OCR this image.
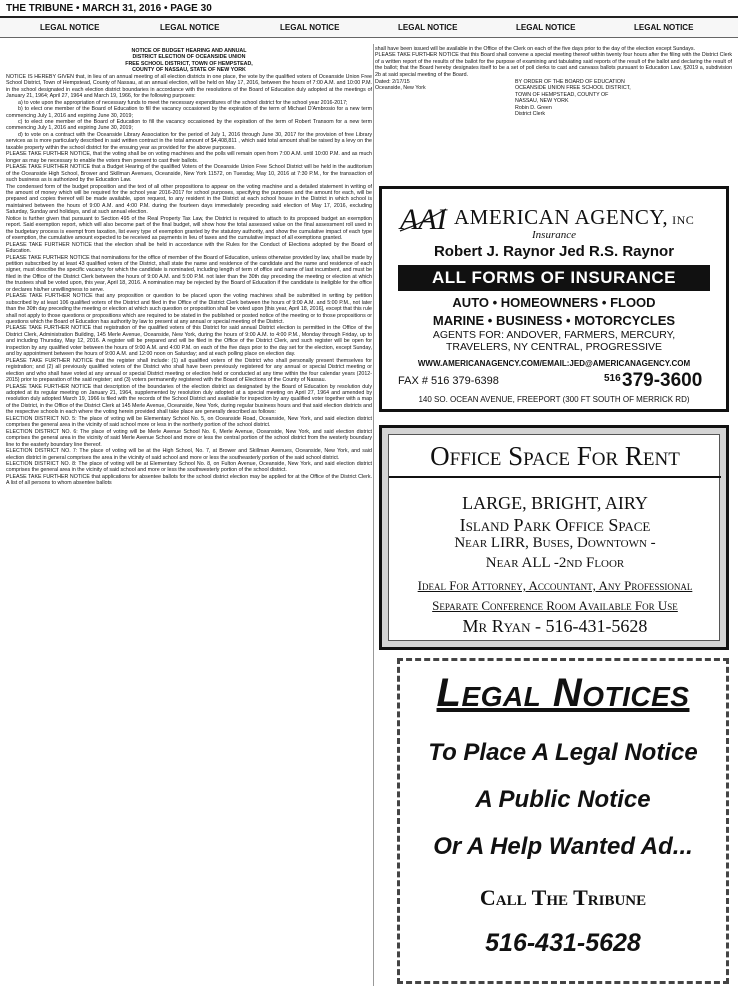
THE TRIBUNE • MARCH 31, 2016 • PAGE 30
LEGAL NOTICE	LEGAL NOTICE	LEGAL NOTICE	LEGAL NOTICE	LEGAL NOTICE	LEGAL NOTICE

NOTICE OF BUDGET HEARING AND ANNUAL

DISTRICT ELECTION OF OCEANSIDE UNION

FREE SCHOOL DISTRICT, TOWN OF HEMPSTEAD,

COUNTY OF NASSAU, STATE OF NEW YORK

NOTICE IS HEREBY GIVEN that, in lieu of an annual meeting of all election districts in one place, the vote by the qualified voters of Oceanside Union Free School District, Town of Hempstead, County of Nassau, at an annual election, will be held on May 17, 2016, between the hours of 7:00 A.M. and 10:00 P.M. in the school designated in each election district boundaries in accordance with the resolutions of the Board of Education duly adopted at the meetings of January 21, 1964; April 27, 1964 and March 19, 1966, for the following purposes:

a) to vote upon the appropriation of necessary funds to meet the necessary expenditures of the school district for the school year 2016-2017;

b) to elect one member of the Board of Education to fill the vacancy occasioned by the expiration of the term of Michael D'Ambrosio for a new term commencing July 1, 2016 and expiring June 30, 2019;

c) to elect one member of the Board of Education to fill the vacancy occasioned by the expiration of the term of Robert Transom for a new term commencing July 1, 2016 and expiring June 30, 2019;

d) to vote on a contract with the Oceanside Library Association for the period of July 1, 2016 through June 30, 2017 for the provision of free Library services as is more particularly described in said written contract in the total amount of $4,408,811 , which said total amount shall be raised by a levy on the taxable property within the school district for the ensuing year as provided for the above purposes.

PLEASE TAKE FURTHER NOTICE, that the voting shall be on voting machines and the polls will remain open from 7:00 A.M. until 10:00 P.M. and as much longer as may be necessary to enable the voters then present to cast their ballots.

PLEASE TAKE FURTHER NOTICE that a Budget Hearing of the qualified Voters of the Oceanside Union Free School District will be held in the auditorium of the Oceanside High School, Brower and Skillman Avenues, Oceanside, New York 11572, on Tuesday, May 10, 2016 at 7:30 P.M., for the transaction of such business as is authorized by the Education Law.

The condensed form of the budget proposition and the text of all other propositions to appear on the voting machine and a detailed statement in writing of the amount of money which will be required for the school year 2016-2017 for school purposes, specifying the purposes and the amount for each, will be prepared and copies thereof will be made available, upon request, to any resident in the District at each school house in the District in which school is maintained between the hours of 9:00 A.M. and 4:00 P.M. during the fourteen days immediately preceding said election of May 17, 2016, excluding Saturday, Sunday and holidays, and at such annual election.

Notice is further given that pursuant to Section 495 of the Real Property Tax Law, the District is required to attach to its proposed budget an exemption report. Said exemption report, which will also become part of the final budget, will show how the total assessed value on the final assessment roll used in the budgetary process is exempt from taxation, list every type of exemption granted by the statutory authority, and show the cumulative impact of each type of exemption, the cumulative amount expected to be received as payments in lieu of taxes and the cumulative impact of all exemptions granted.

PLEASE TAKE FURTHER NOTICE that the election shall be held in accordance with the Rules for the Conduct of Elections adopted by the Board of Education.

PLEASE TAKE FURTHER NOTICE that nominations for the office of member of the Board of Education, unless otherwise provided by law, shall be made by petition subscribed by at least 43 qualified voters of the District, shall state the name and residence of the candidate and the name and residence of each signer, must describe the specific vacancy for which the candidate is nominated, including length of term of office and name of last incumbent, and must be filed in the Office of the District Clerk between the hours of 9:00 A.M. and 5:00 P.M. not later than the 30th day preceding the meeting or election at which the trustees shall be voted upon, this year, April 18, 2016. A nomination may be rejected by the Board of Education if the candidate is ineligible for the office or declares his/her unwillingness to serve.

PLEASE TAKE FURTHER NOTICE that any proposition or question to be placed upon the voting machines shall be submitted in writing by petition subscribed by at least 106 qualified voters of the District and filed in the Office of the District Clerk between the hours of 9:00 A.M. and 5:00 P.M., not later than the 30th day preceding the meeting or election at which such question or proposition shall be voted upon [this year, April 18, 2016], except that this rule shall not apply to those questions or propositions which are required to be stated in the published or posted notice of the meeting or to those propositions or questions which the Board of Education has authority by law to present at any annual or special meeting of the District.

PLEASE TAKE FURTHER NOTICE that registration of the qualified voters of this District for said annual District election is permitted in the Office of the District Clerk, Administration Building, 145 Merle Avenue, Oceanside, New York, during the hours of 9:00 A.M. to 4:00 P.M., Monday through Friday, up to and including Thursday, May 12, 2016. A register will be prepared and will be filed in the Office of the District Clerk, and such register will be open for inspection by any qualified voter between the hours of 9:00 A.M. and 4:00 P.M. on each of the five days prior to the day set for the election, except Sunday, and by appointment between the hours of 9:00 A.M. and 12:00 noon on Saturday; and at each polling place on election day.

PLEASE TAKE FURTHER NOTICE that the register shall include: (1) all qualified voters of the District who shall personally present themselves for registration; and (2) all previously qualified voters of the District who shall have been previously registered for any annual or special District meeting or election and who shall have voted at any annual or special District meeting or election held or conducted at any time within the four calendar years (2012-2015) prior to preparation of the said register; and (3) voters permanently registered with the Board of Elections of the County of Nassau.

PLEASE TAKE FURTHER NOTICE that description of the boundaries of the election district as designated by the Board of Education by resolution duly adopted at its regular meeting on January 21, 1964, supplemented by resolution duly adopted at a special meeting on April 27, 1964 and amended by resolution duly adopted March 19, 1966 is filed with the records of the School District and available for inspection by any qualified voter together with a map of the District, in the Office of the District Clerk at 145 Merle Avenue, Oceanside, New York, during regular business hours and that said election districts and the respective schools in each where the voting herein provided shall take place are generally described as follows:

ELECTION DISTRICT NO. 5: The place of voting will be Elementary School No. 5, on Oceanside Road, Oceanside, New York, and said election district comprises the general area in the vicinity of said school more or less in the northerly portion of the school district.

ELECTION DISTRICT NO. 6: The place of voting will be Merle Avenue School No. 6, Merle Avenue, Oceanside, New York, and said election district comprises the general area in the vicinity of said Merle Avenue School and more or less the central portion of the school district from the westerly boundary line to the easterly boundary line thereof.

ELECTION DISTRICT NO. 7: The place of voting will be at the High School, No. 7, at Brower and Skillman Avenues, Oceanside, New York, and said election district in general comprises the area in the vicinity of said school and more or less the southeasterly portion of the said school district.

ELECTION DISTRICT NO. 8: The place of voting will be at Elementary School No. 8, on Fulton Avenue, Oceanside, New York, and said election district comprises the general area in the vicinity of said school and more or less the southwesterly portion of the school district.

PLEASE TAKE FURTHER NOTICE that applications for absentee ballots for the school district election may be applied for at the Office of the District Clerk. A list of all persons to whom absentee ballots

shall have been issued will be available in the Office of the Clerk on each of the five days prior to the day of the election except Sundays.

PLEASE TAKE FURTHER NOTICE that this Board shall convene a special meeting thereof within twenty four hours after the filing with the District Clerk of a written report of the results of the ballot for the purpose of examining and tabulating said reports of the result of the ballot and declaring the result of the ballot; that the Board hereby designates itself to be a set of poll clerks to cast and canvass ballots pursuant to Education Law, §2019 a, subdivision 2b at said special meeting of the Board.

Dated: 2/17/15
Oceanside, New York
BY ORDER OF THE BOARD OF EDUCATION
OCEANSIDE UNION FREE SCHOOL DISTRICT,
TOWN OF HEMPSTEAD, COUNTY OF
NASSAU, NEW YORK
Robin D. Green
District Clerk
AAI AMERICAN AGENCY, INC
Insurance
Robert J. Raynor Jed R.S. Raynor
ALL FORMS OF INSURANCE
AUTO • HOMEOWNERS • FLOOD
MARINE • BUSINESS • MOTORCYCLES
AGENTS FOR: ANDOVER, FARMERS, MERCURY,
TRAVELERS, NY CENTRAL, PROGRESSIVE
WWW.AMERICANAGENCY.COM/EMAIL:JED@AMERICANAGENCY.COM
FAX # 516 379-6398	516 379-3600
140 SO. OCEAN AVENUE, FREEPORT (300 FT SOUTH OF MERRICK RD)
Office Space For Rent
LARGE, BRIGHT, AIRY
Island Park Office Space
Near LIRR, Buses, Downtown -
Near ALL -2nd Floor
Ideal For Attorney, Accountant, Any Professional
Separate Conference Room Available For Use
Mr Ryan - 516-431-5628
Legal Notices
To Place A Legal Notice
A Public Notice
Or A Help Wanted Ad...
Call The Tribune
516-431-5628
